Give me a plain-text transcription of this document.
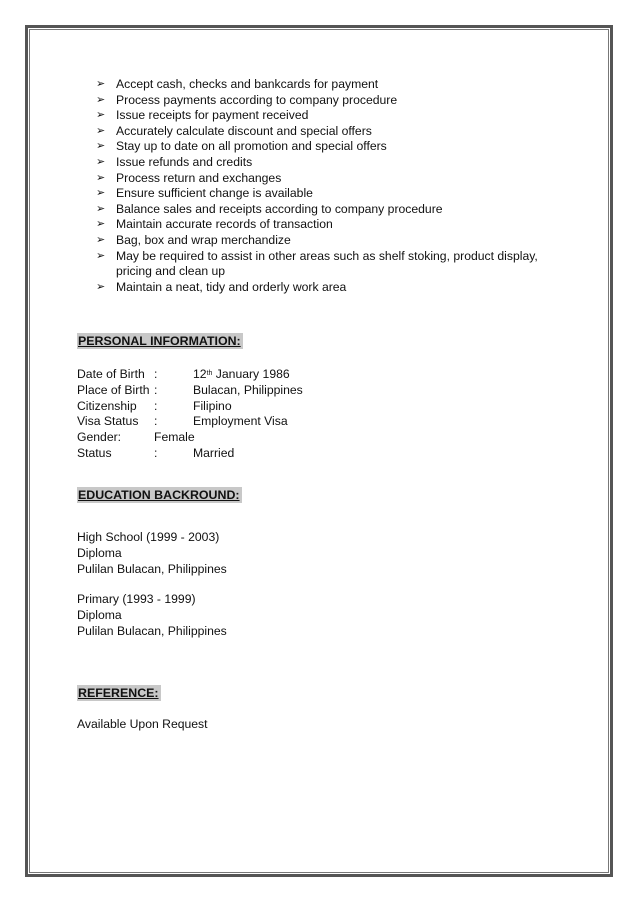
➢ Accept cash, checks and bankcards for payment
➢ Process payments according to company procedure
➢ Issue receipts for payment received
➢ Accurately calculate discount and special offers
➢ Stay up to date on all promotion and special offers
➢ Issue refunds and credits
➢ Process return and exchanges
➢ Ensure sufficient change is available
➢ Balance sales and receipts according to company procedure
➢ Maintain accurate records of transaction
➢ Bag, box and wrap merchandize
➢ May be required to assist in other areas such as shelf stoking, product display, pricing and clean up
➢ Maintain a neat, tidy and orderly work area
PERSONAL INFORMATION:
Date of Birth :	12th January 1986
Place of Birth :	Bulacan, Philippines
Citizenship :	Filipino
Visa Status :	Employment Visa
Gender:	Female
Status	:	Married
EDUCATION BACKROUND:
High School (1999 - 2003)
Diploma
Pulilan Bulacan, Philippines
Primary (1993 - 1999)
Diploma
Pulilan Bulacan, Philippines
REFERENCE:
Available Upon Request
